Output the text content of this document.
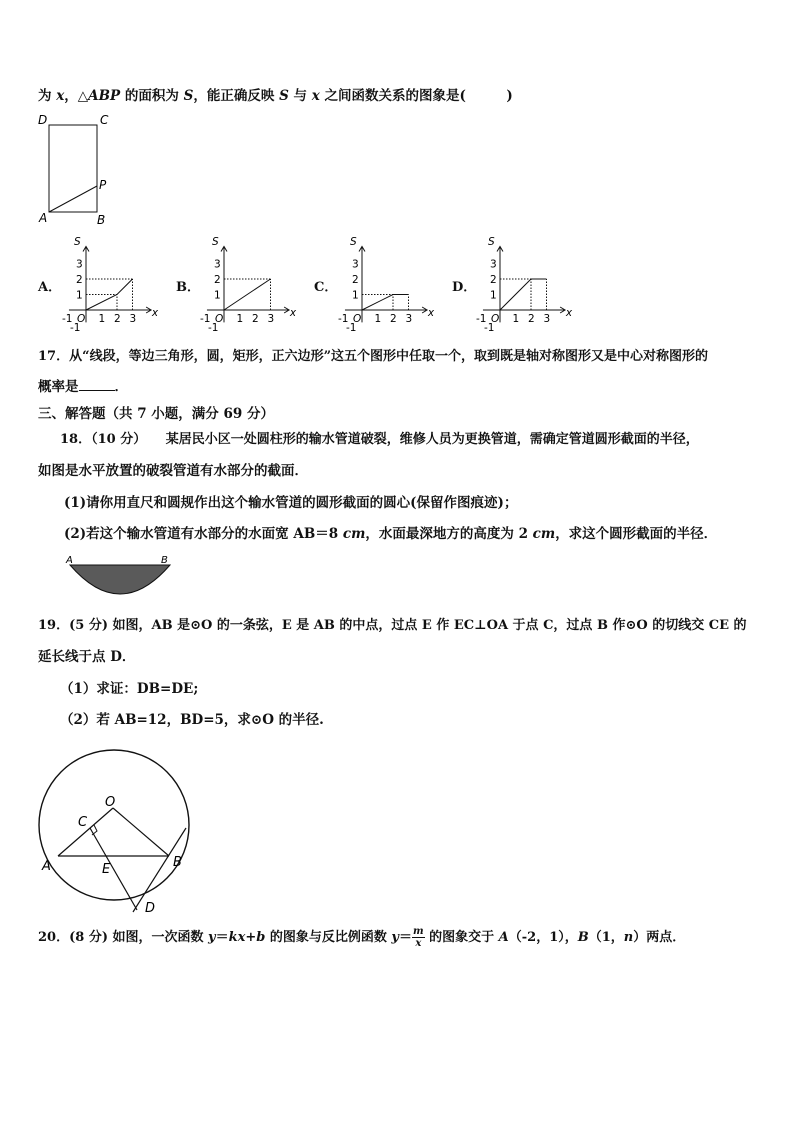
为 x，△ABP 的面积为 S，能正确反映 S 与 x 之间函数关系的图象是(　　　)
D	C
P
A	B
A．	B．	C．	D．
S
x
O
1
2
3
1 2 3
-1
-1
S
x
O
1
2
3
1 2 3
-1
-1
S
x
O
1
2
3
1 2 3
-1
-1
S
x
O
1
2
3
1 2 3
-1
-1
17．从“线段，等边三角形，圆，矩形，正六边形”这五个图形中任取一个，取到既是轴对称图形又是中心对称图形的
概率是	．
三、解答题（共 7 小题，满分 69 分）
18．（10 分）　　某居民小区一处圆柱形的输水管道破裂，维修人员为更换管道，需确定管道圆形截面的半径，
如图是水平放置的破裂管道有水部分的截面．
(1)请你用直尺和圆规作出这个输水管道的圆形截面的圆心(保留作图痕迹)；
(2)若这个输水管道有水部分的水面宽 AB＝8 cm，水面最深地方的高度为 2 cm，求这个圆形截面的半径．
A	B
19．(5 分) 如图，AB 是⊙O 的一条弦，E 是 AB 的中点，过点 E 作 EC⊥OA 于点 C，过点 B 作⊙O 的切线交 CE 的
延长线于点 D．
（1）求证：DB=DE;
（2）若 AB=12，BD=5，求⊙O 的半径.
O
C
A	E	B
D
20．(8 分) 如图，一次函数 y＝kx+b 的图象与反比例函数 $y= \frac{m}{x}$ 的图象交于 A（-2，1），B（1，n）两点．
